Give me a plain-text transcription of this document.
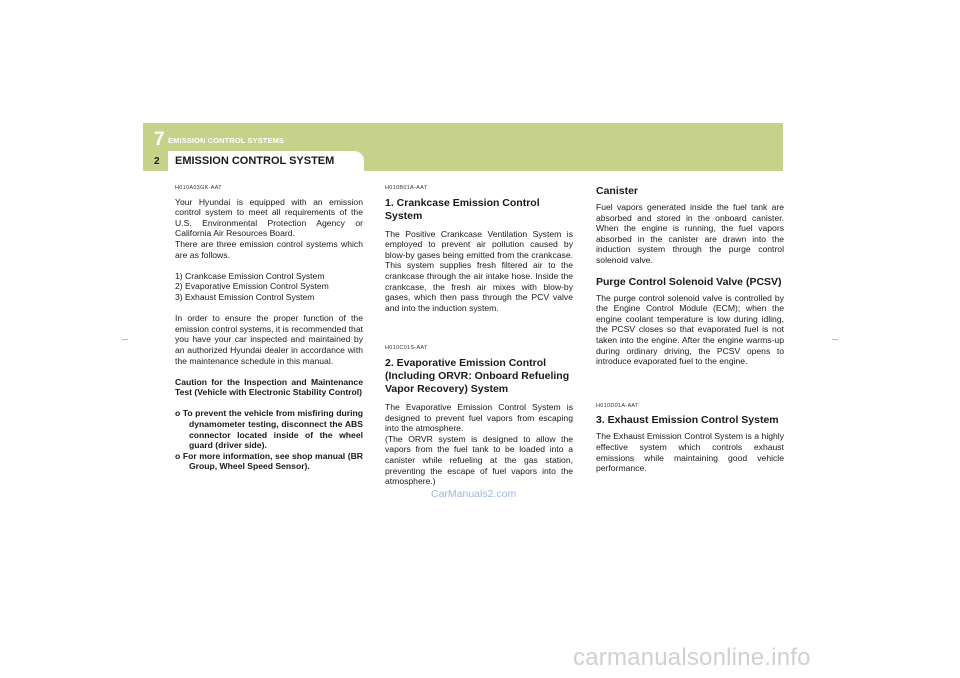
7 EMISSION CONTROL SYSTEMS
2 EMISSION CONTROL SYSTEM

H010A03GK-AAT

Your Hyundai is equipped with an emission control system to meet all requirements of the U.S. Environmental Protection Agency or California Air Resources Board.

There are three emission control systems which are as follows.

1) Crankcase Emission Control System

2) Evaporative Emission Control System

3) Exhaust Emission Control System

In order to ensure the proper function of the emission control systems, it is recommended that you have your car inspected and maintained by an authorized Hyundai dealer in accordance with the maintenance schedule in this manual.

Caution for the Inspection and Maintenance Test (Vehicle with Electronic Stability Control)

o To prevent the vehicle from misfiring during dynamometer testing, disconnect the ABS connector located inside of the wheel guard (driver side).

o For more information, see shop manual (BR Group, Wheel Speed Sensor).

H010B01A-AAT

1. Crankcase Emission Control System

The Positive Crankcase Ventilation System is employed to prevent air pollution caused by blow-by gases being emitted from the crankcase. This system supplies fresh filtered air to the crankcase through the air intake hose. Inside the crankcase, the fresh air mixes with blow-by gases, which then pass through the PCV valve and into the induction system.

H010C01S-AAT

2. Evaporative Emission Control (Including ORVR: Onboard Refueling Vapor Recovery) System

The Evaporative Emission Control System is designed to prevent fuel vapors from escaping into the atmosphere.

(The ORVR system is designed to allow the vapors from the fuel tank to be loaded into a canister while refueling at the gas station, preventing the escape of fuel vapors into the atmosphere.)

Canister

Fuel vapors generated inside the fuel tank are absorbed and stored in the onboard canister. When the engine is running, the fuel vapors absorbed in the canister are drawn into the induction system through the purge control solenoid valve.

Purge Control Solenoid Valve (PCSV)

The purge control solenoid valve is controlled by the Engine Control Module (ECM); when the engine coolant temperature is low during idling, the PCSV closes so that evaporated fuel is not taken into the engine. After the engine warms-up during ordinary driving, the PCSV opens to introduce evaporated fuel to the engine.

H010D01A-AAT

3. Exhaust Emission Control System

The Exhaust Emission Control System is a highly effective system which controls exhaust emissions while maintaining good vehicle performance.

CarManuals2.com
carmanualsonline.info
